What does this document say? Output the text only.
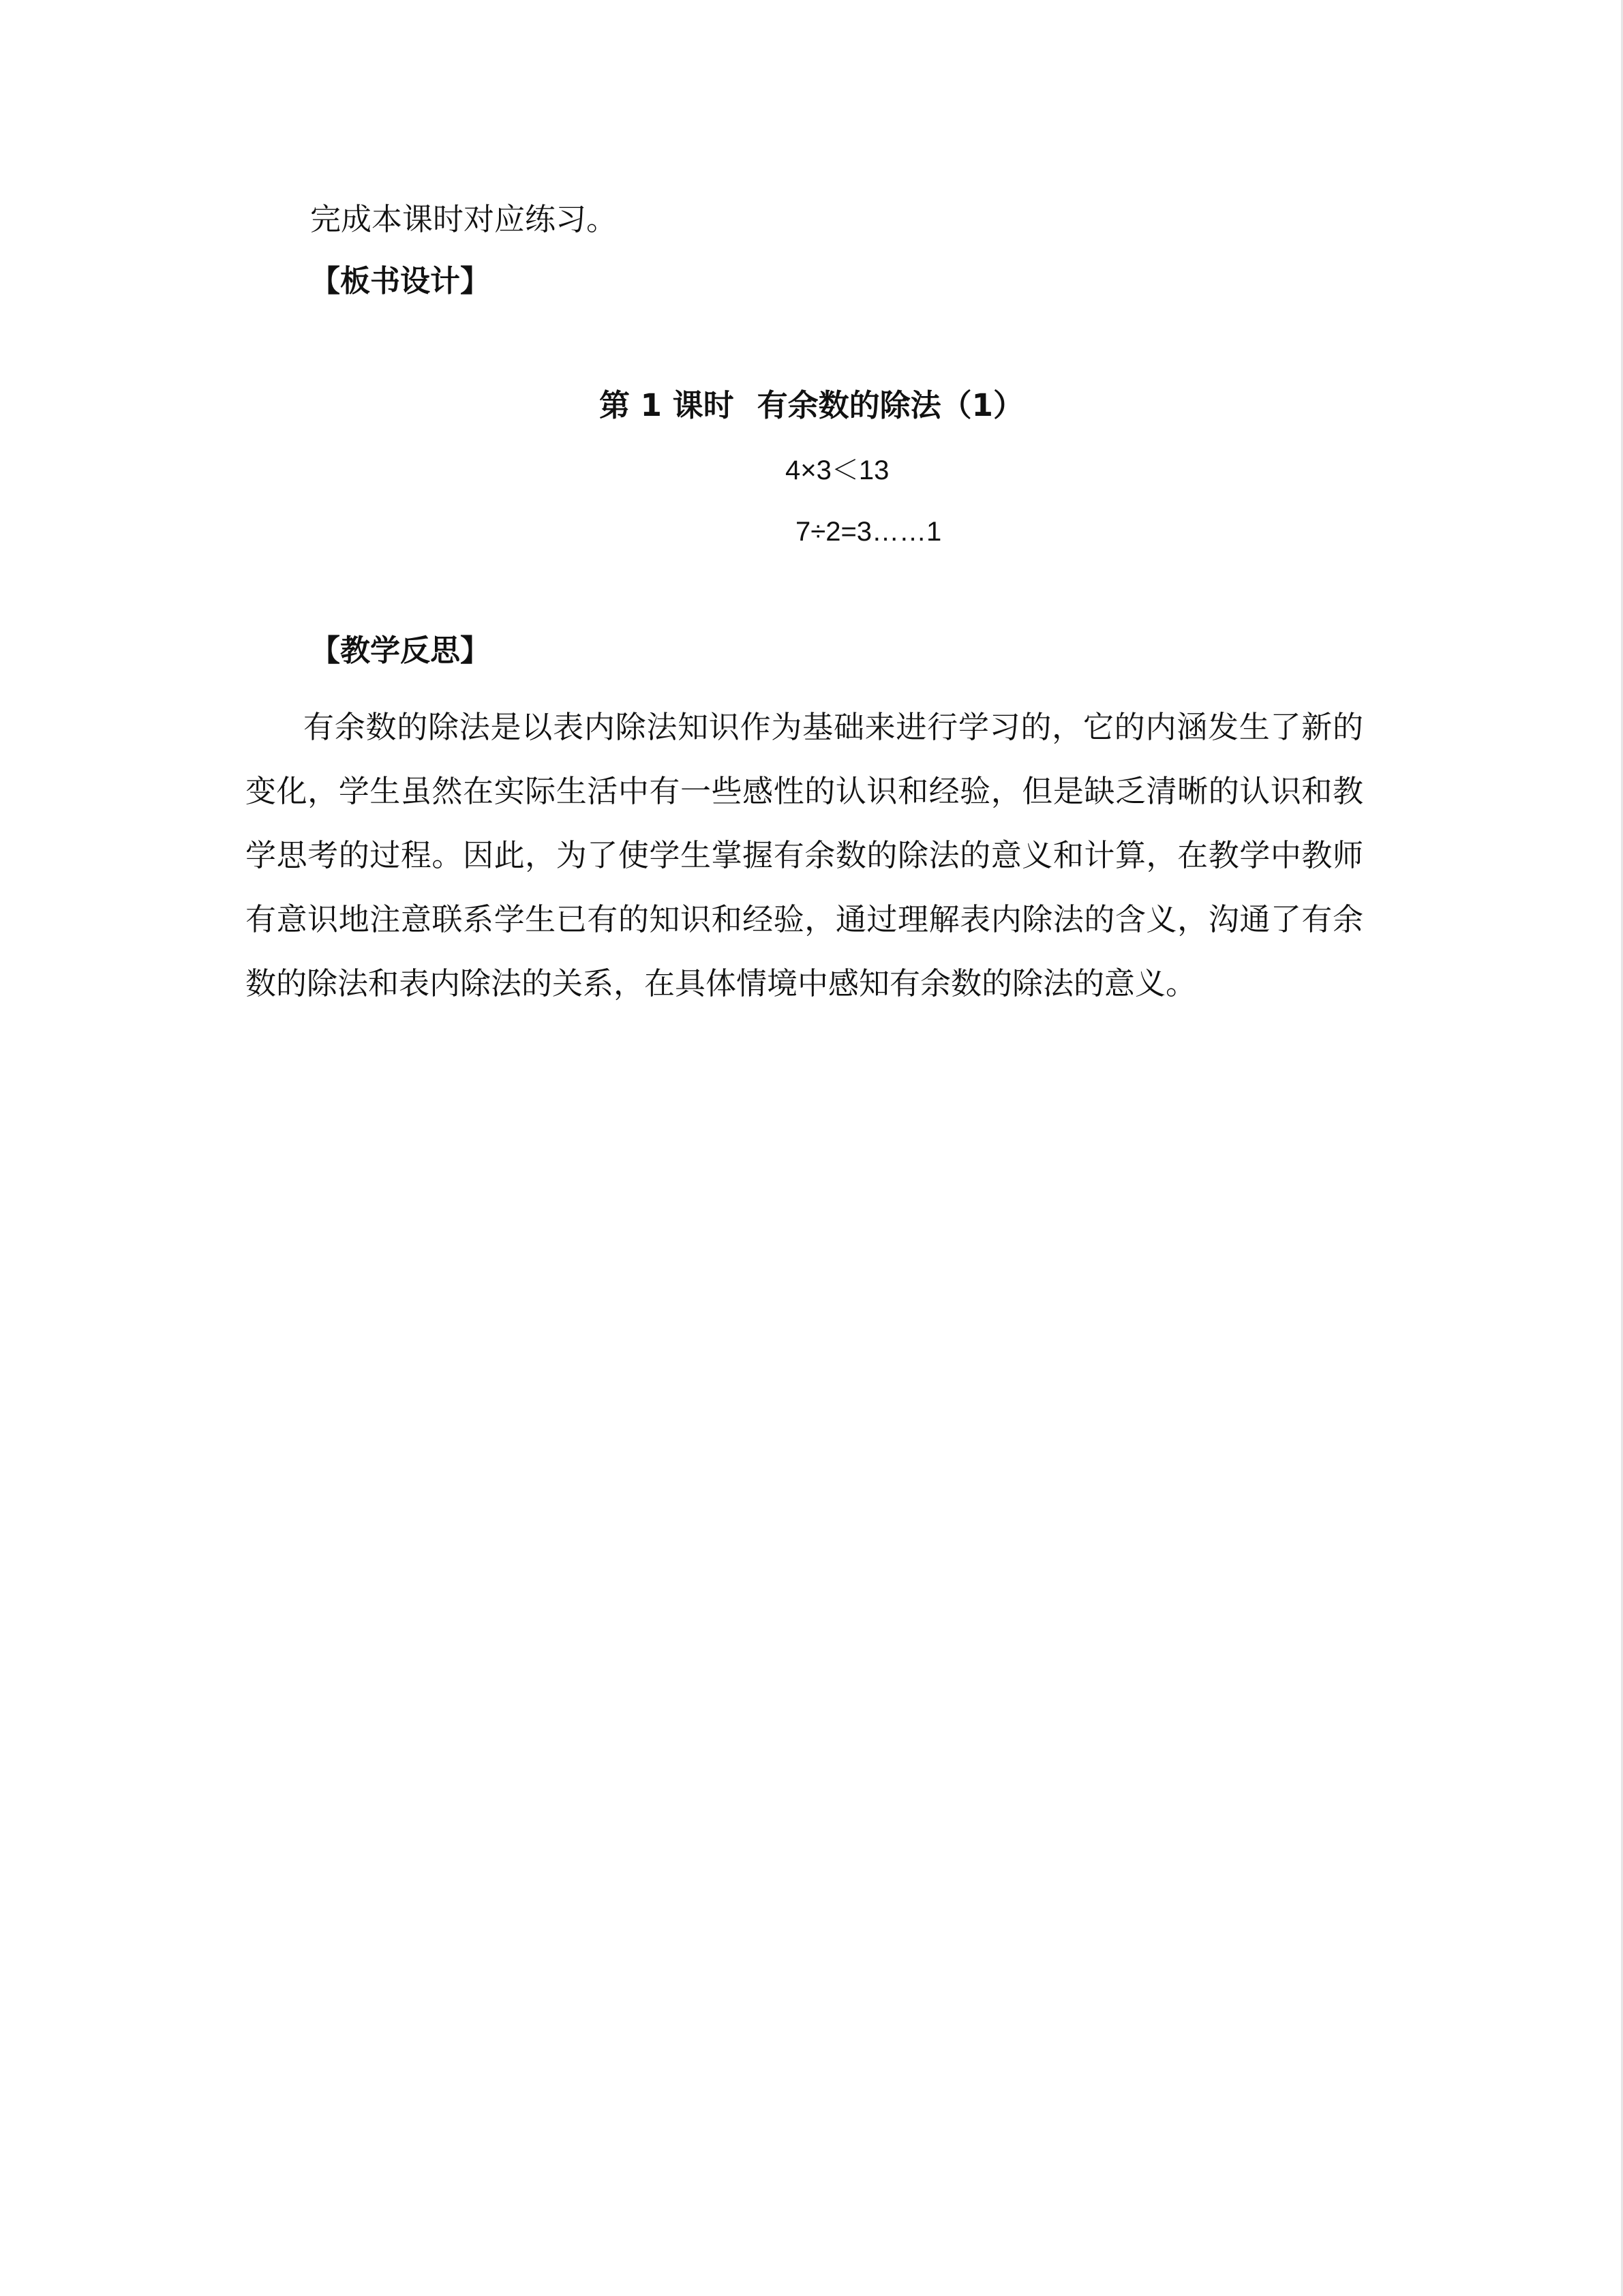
完成本课时对应练习。
【板书设计】
第 1 课时 有余数的除法（1）
4×3＜13
7÷2=3……1
【教学反思】
有余数的除法是以表内除法知识作为基础来进行学习的，它的内涵发生了新的变化，学生虽然在实际生活中有一些感性的认识和经验，但是缺乏清晰的认识和教学思考的过程。因此，为了使学生掌握有余数的除法的意义和计算，在教学中教师有意识地注意联系学生已有的知识和经验，通过理解表内除法的含义，沟通了有余数的除法和表内除法的关系，在具体情境中感知有余数的除法的意义。
